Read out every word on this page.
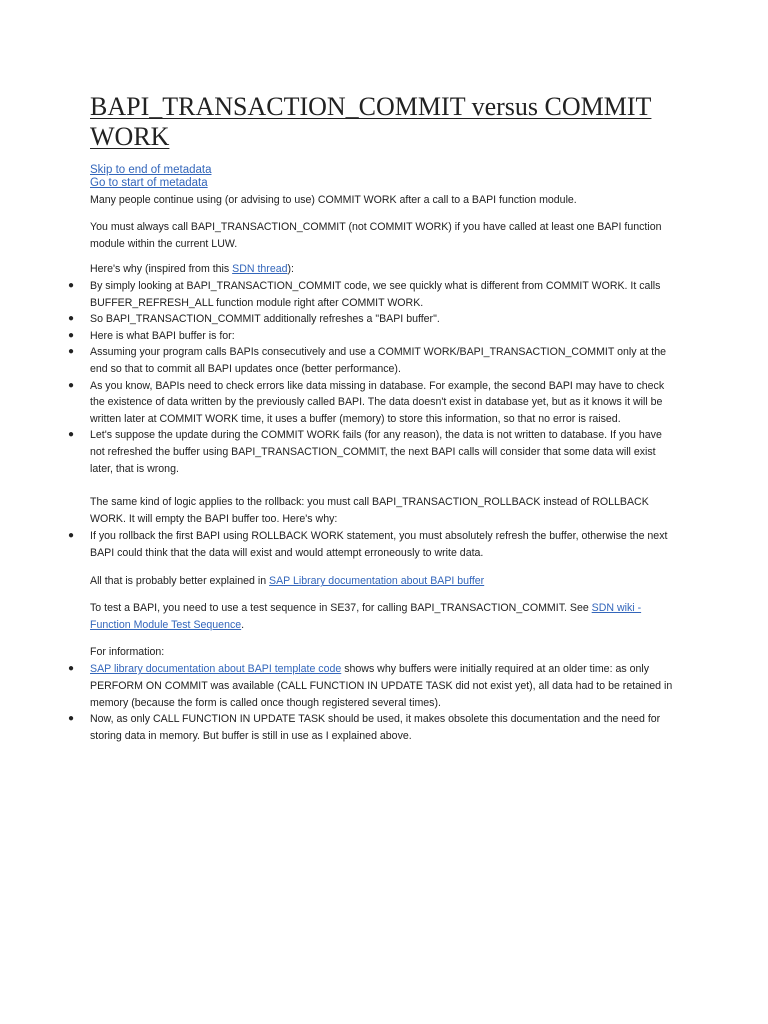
BAPI_TRANSACTION_COMMIT versus COMMIT WORK
Skip to end of metadata
Go to start of metadata

Many people continue using (or advising to use) COMMIT WORK after a call to a BAPI function module.

You must always call BAPI_TRANSACTION_COMMIT (not COMMIT WORK) if you have called at least one BAPI function module within the current LUW.

Here's why (inspired from this SDN thread):

● By simply looking at BAPI_TRANSACTION_COMMIT code, we see quickly what is different from COMMIT WORK. It calls BUFFER_REFRESH_ALL function module right after COMMIT WORK.
● So BAPI_TRANSACTION_COMMIT additionally refreshes a "BAPI buffer".
● Here is what BAPI buffer is for:
● Assuming your program calls BAPIs consecutively and use a COMMIT WORK/BAPI_TRANSACTION_COMMIT only at the end so that to commit all BAPI updates once (better performance).
● As you know, BAPIs need to check errors like data missing in database. For example, the second BAPI may have to check the existence of data written by the previously called BAPI. The data doesn't exist in database yet, but as it knows it will be written later at COMMIT WORK time, it uses a buffer (memory) to store this information, so that no error is raised.
● Let's suppose the update during the COMMIT WORK fails (for any reason), the data is not written to database. If you have not refreshed the buffer using BAPI_TRANSACTION_COMMIT, the next BAPI calls will consider that some data will exist later, that is wrong.

The same kind of logic applies to the rollback: you must call BAPI_TRANSACTION_ROLLBACK instead of ROLLBACK WORK. It will empty the BAPI buffer too. Here's why:

● If you rollback the first BAPI using ROLLBACK WORK statement, you must absolutely refresh the buffer, otherwise the next BAPI could think that the data will exist and would attempt erroneously to write data.

All that is probably better explained in SAP Library documentation about BAPI buffer

To test a BAPI, you need to use a test sequence in SE37, for calling BAPI_TRANSACTION_COMMIT. See SDN wiki - Function Module Test Sequence.

For information:

● SAP library documentation about BAPI template code shows why buffers were initially required at an older time: as only PERFORM ON COMMIT was available (CALL FUNCTION IN UPDATE TASK did not exist yet), all data had to be retained in memory (because the form is called once though registered several times).
● Now, as only CALL FUNCTION IN UPDATE TASK should be used, it makes obsolete this documentation and the need for storing data in memory. But buffer is still in use as I explained above.
